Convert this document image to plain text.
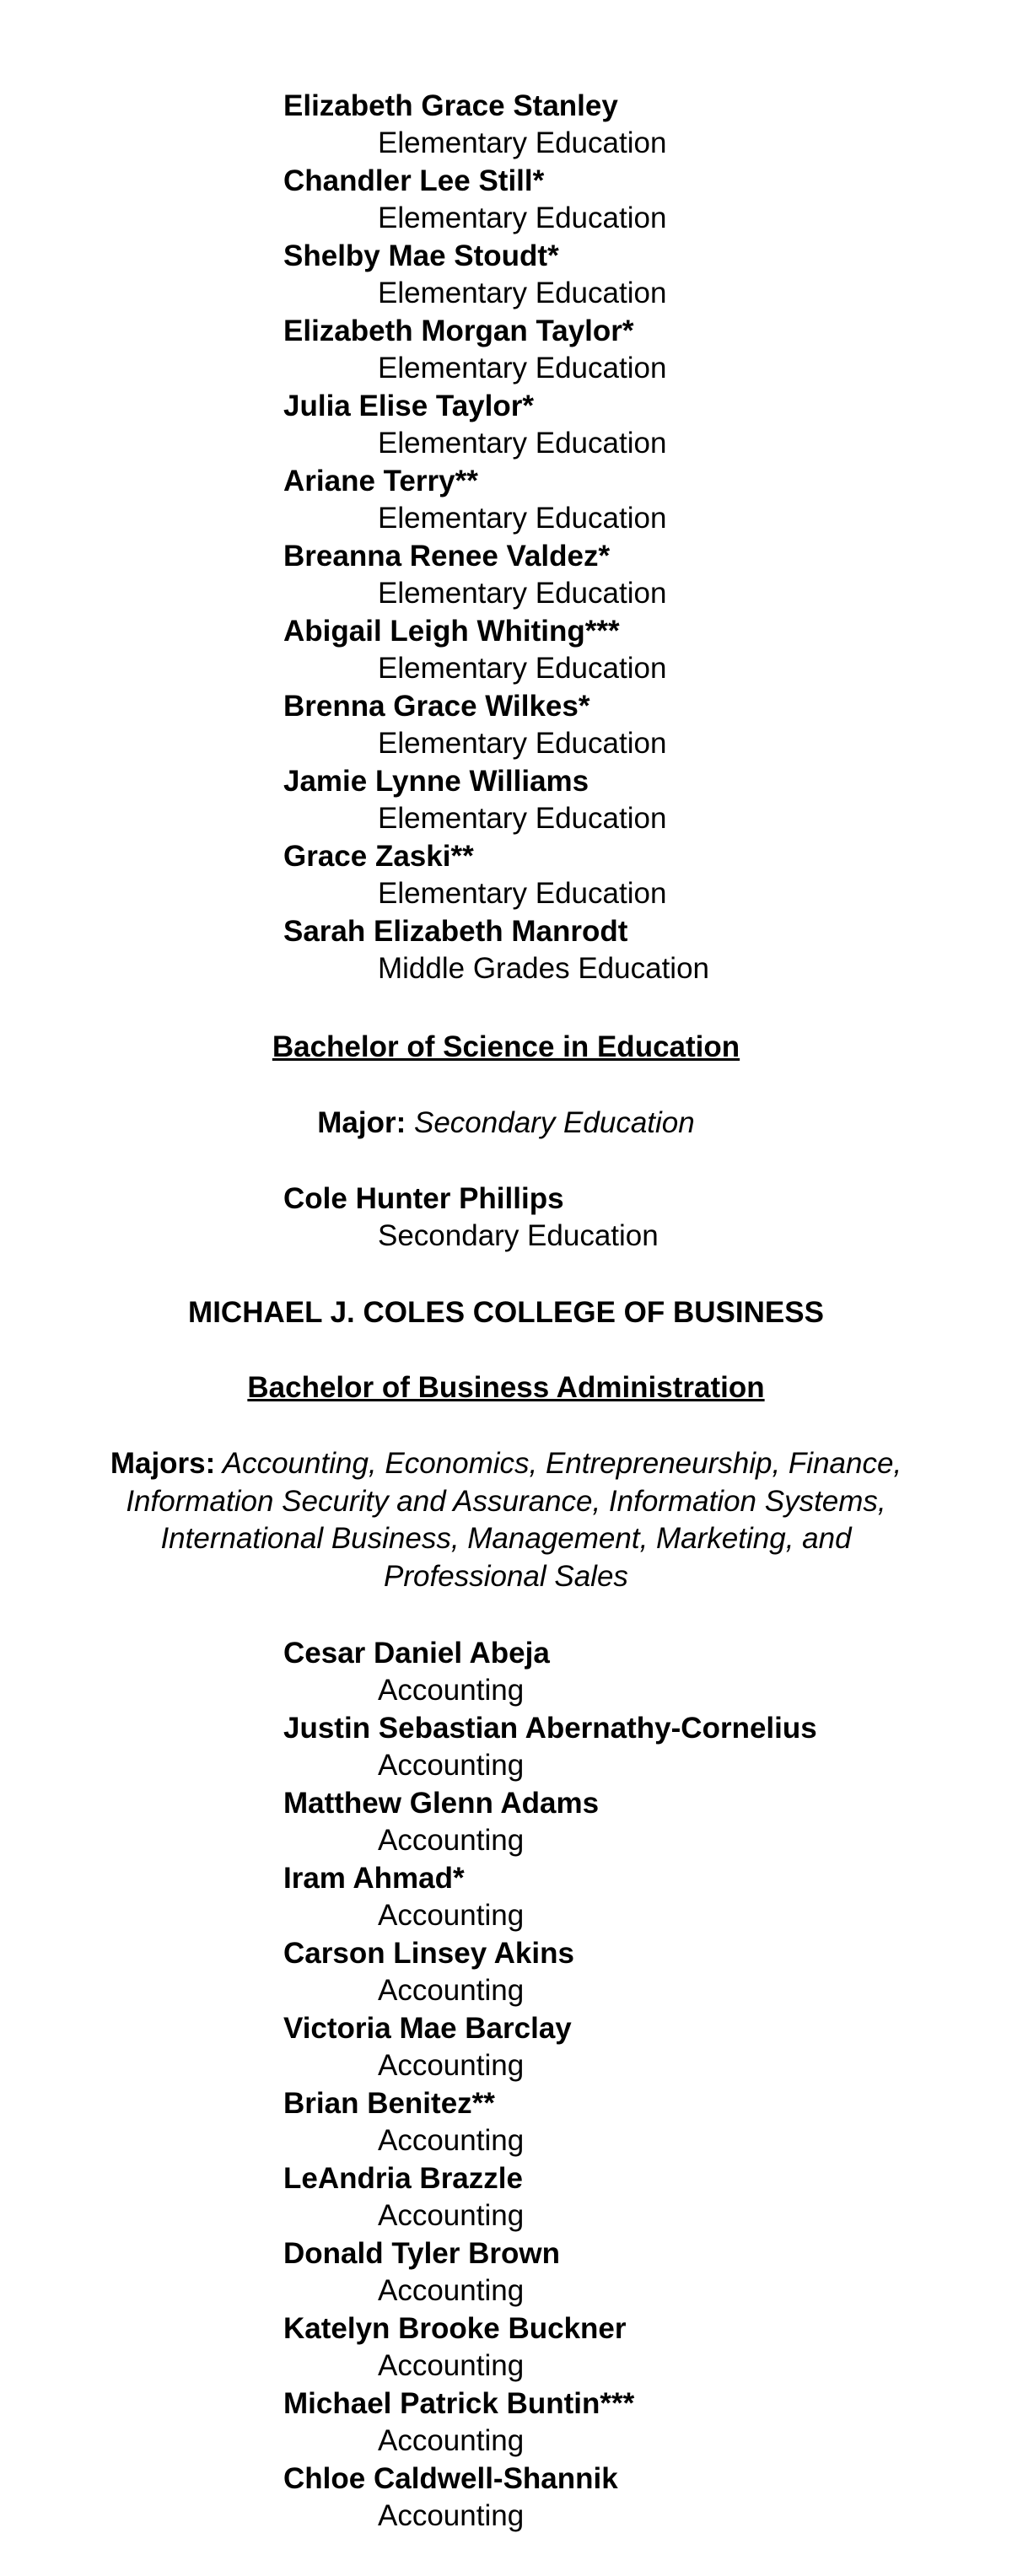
Elizabeth Grace Stanley
Elementary Education
Chandler Lee Still*
Elementary Education
Shelby Mae Stoudt*
Elementary Education
Elizabeth Morgan Taylor*
Elementary Education
Julia Elise Taylor*
Elementary Education
Ariane Terry**
Elementary Education
Breanna Renee Valdez*
Elementary Education
Abigail Leigh Whiting***
Elementary Education
Brenna Grace Wilkes*
Elementary Education
Jamie Lynne Williams
Elementary Education
Grace Zaski**
Elementary Education
Sarah Elizabeth Manrodt
Middle Grades Education
Bachelor of Science in Education
Major: Secondary Education
Cole Hunter Phillips
Secondary Education
MICHAEL J. COLES COLLEGE OF BUSINESS
Bachelor of Business Administration
Majors: Accounting, Economics, Entrepreneurship, Finance,
Information Security and Assurance, Information Systems,
International Business, Management, Marketing, and
Professional Sales
Cesar Daniel Abeja
Accounting
Justin Sebastian Abernathy-Cornelius
Accounting
Matthew Glenn Adams
Accounting
Iram Ahmad*
Accounting
Carson Linsey Akins
Accounting
Victoria Mae Barclay
Accounting
Brian Benitez**
Accounting
LeAndria Brazzle
Accounting
Donald Tyler Brown
Accounting
Katelyn Brooke Buckner
Accounting
Michael Patrick Buntin***
Accounting
Chloe Caldwell-Shannik
Accounting
